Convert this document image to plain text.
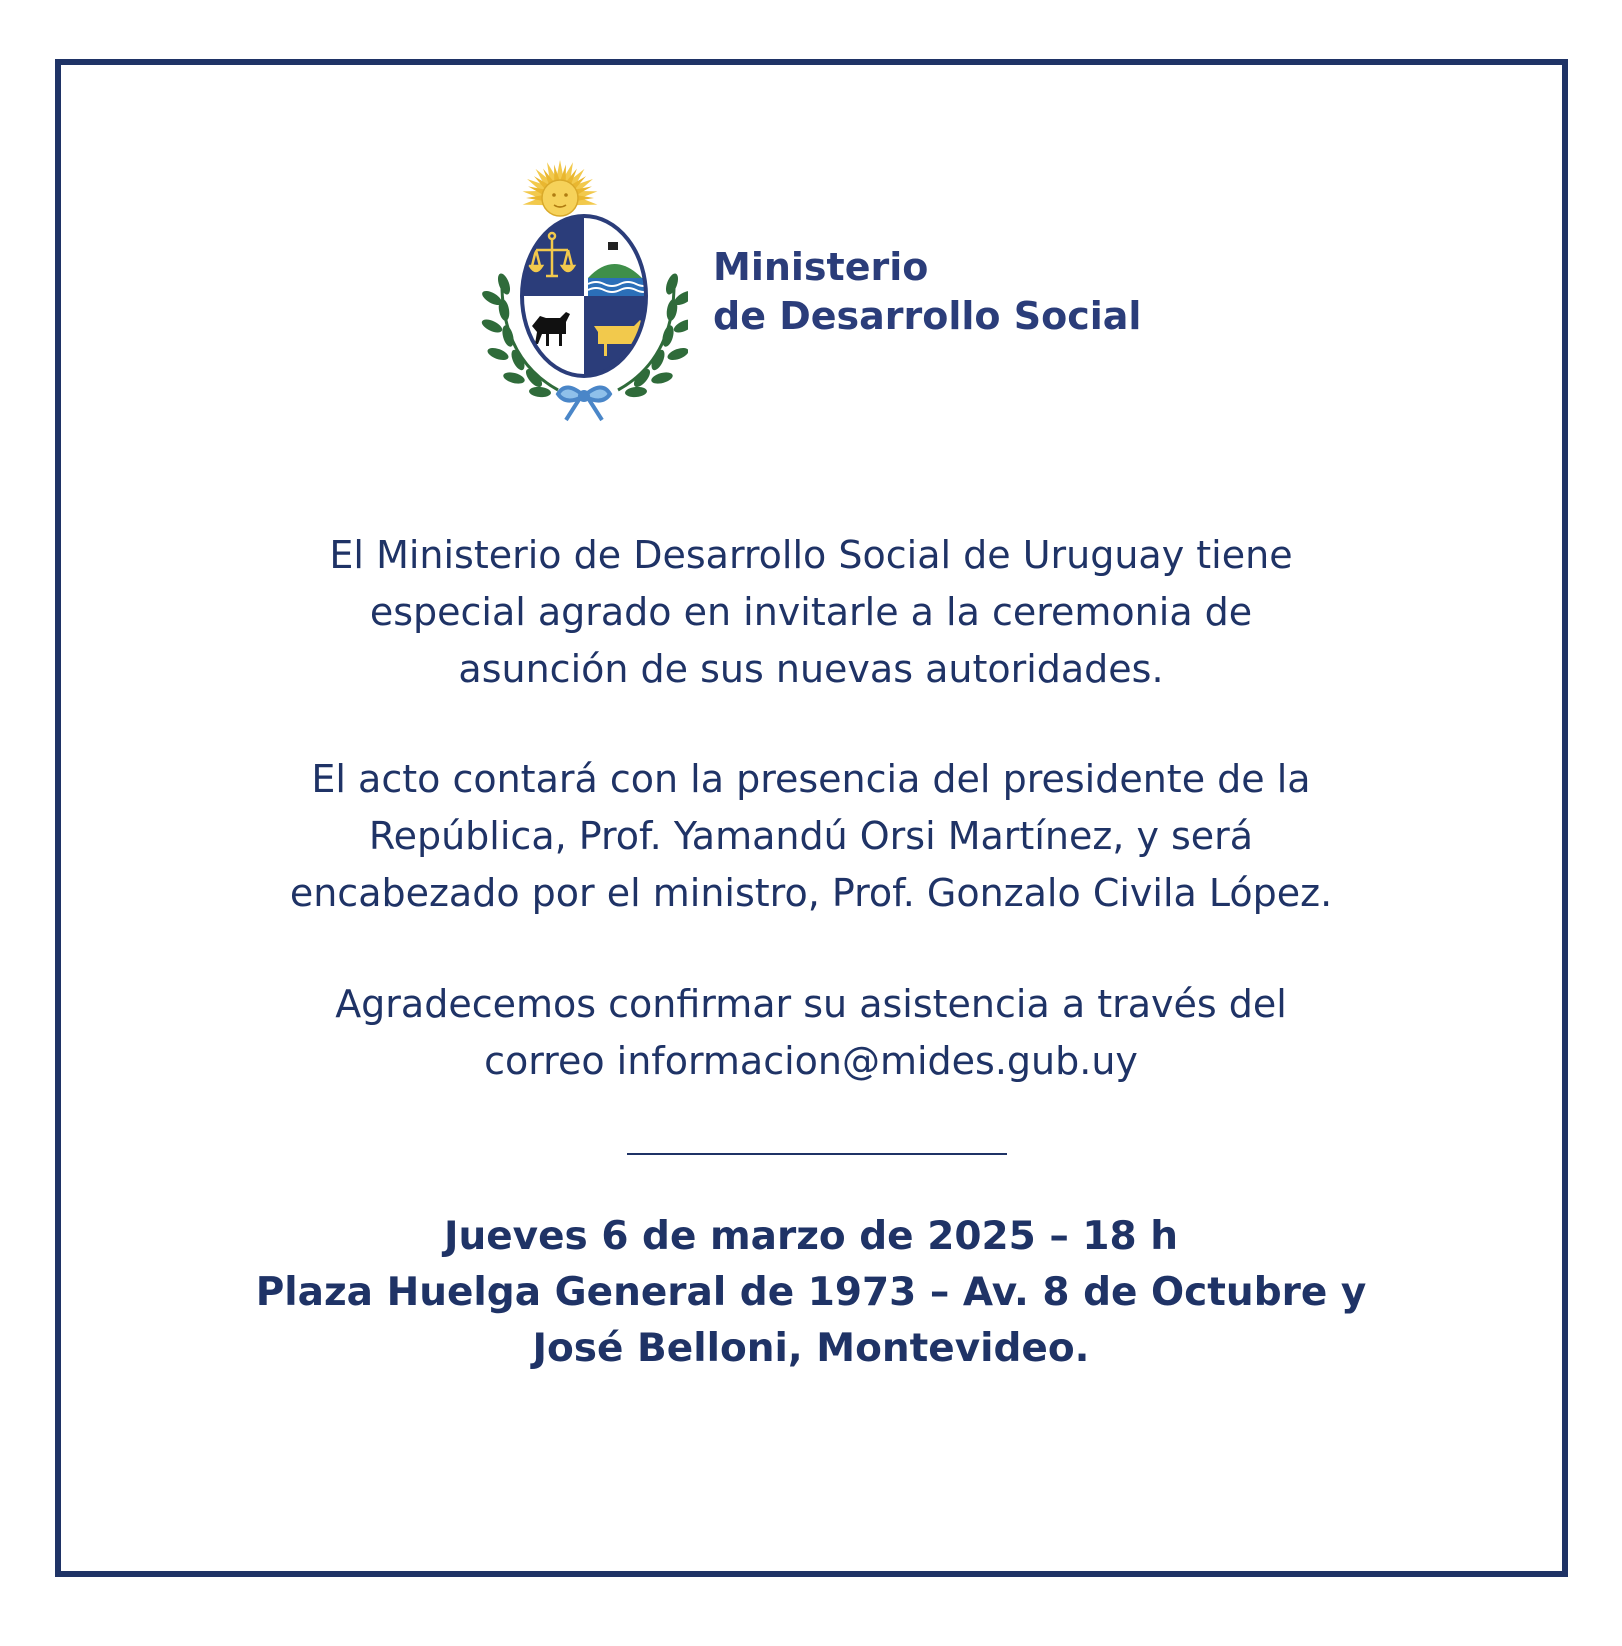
Ministerio
de Desarrollo Social
El Ministerio de Desarrollo Social de Uruguay tiene
especial agrado en invitarle a la ceremonia de
asunción de sus nuevas autoridades.
El acto contará con la presencia del presidente de la
República, Prof. Yamandú Orsi Martínez, y será
encabezado por el ministro, Prof. Gonzalo Civila López.
Agradecemos confirmar su asistencia a través del
correo informacion@mides.gub.uy
Jueves 6 de marzo de 2025 – 18 h
Plaza Huelga General de 1973 – Av. 8 de Octubre y
José Belloni, Montevideo.
